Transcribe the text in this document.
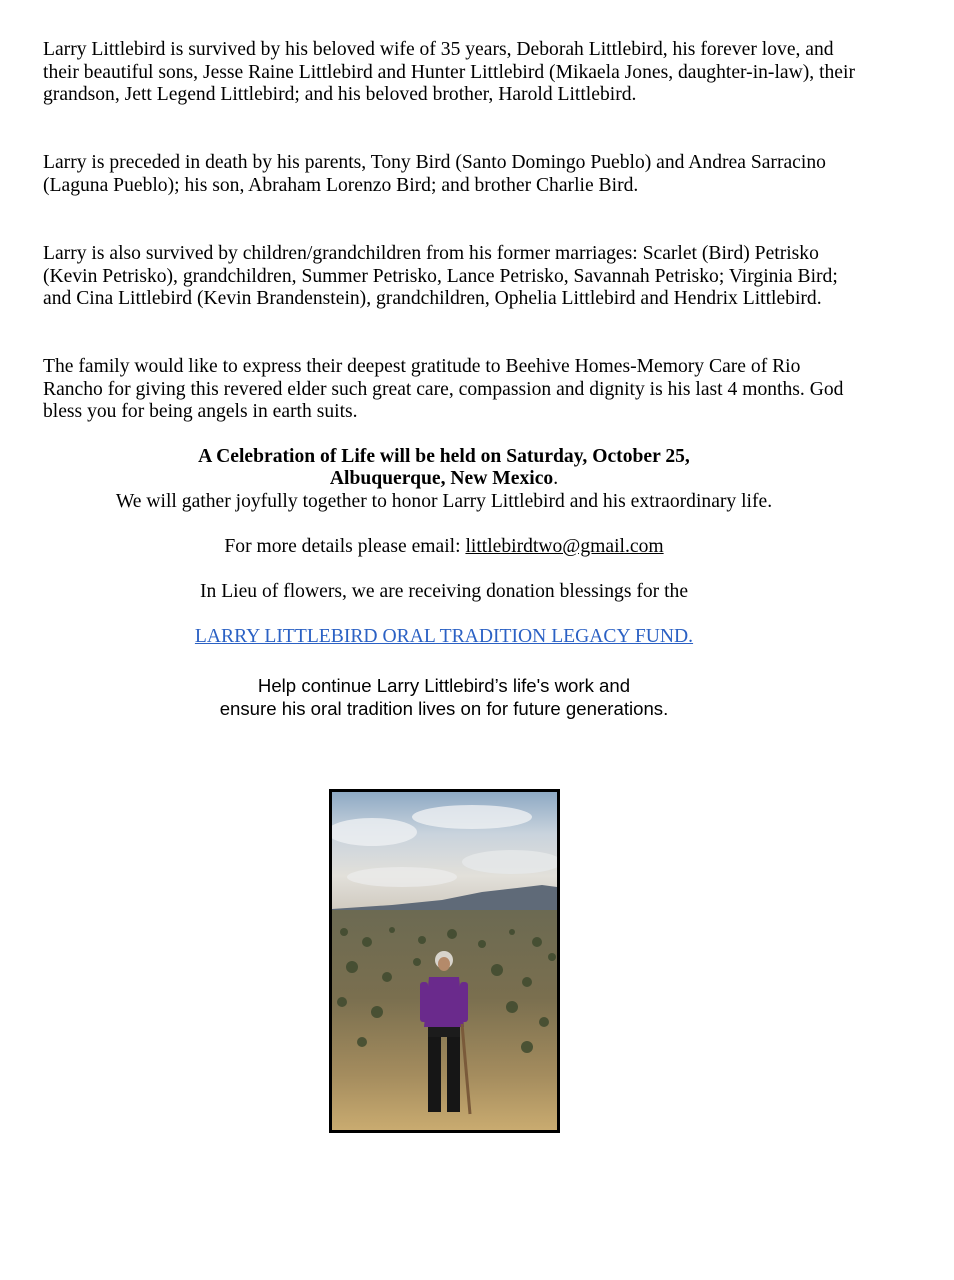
Larry Littlebird is survived by his beloved wife of 35 years, Deborah Littlebird, his forever love, and their beautiful sons, Jesse Raine Littlebird and Hunter Littlebird (Mikaela Jones, daughter-in-law), their grandson, Jett Legend Littlebird; and his beloved brother, Harold Littlebird.

Larry is preceded in death by his parents, Tony Bird (Santo Domingo Pueblo) and Andrea Sarracino (Laguna Pueblo); his son, Abraham Lorenzo Bird; and brother Charlie Bird.

Larry is also survived by children/grandchildren from his former marriages: Scarlet (Bird) Petrisko (Kevin Petrisko), grandchildren, Summer Petrisko, Lance Petrisko, Savannah Petrisko; Virginia Bird; and Cina Littlebird (Kevin Brandenstein), grandchildren, Ophelia Littlebird and Hendrix Littlebird.

The family would like to express their deepest gratitude to Beehive Homes-Memory Care of Rio Rancho for giving this revered elder such great care, compassion and dignity is his last 4 months. God bless you for being angels in earth suits.

A Celebration of Life will be held on Saturday, October 25,

Albuquerque, New Mexico.

We will gather joyfully together to honor Larry Littlebird and his extraordinary life.

For more details please email: littlebirdtwo@gmail.com

In Lieu of flowers, we are receiving donation blessings for the

LARRY LITTLEBIRD ORAL TRADITION LEGACY FUND.

Help continue Larry Littlebird’s life's work and

ensure his oral tradition lives on for future generations.
